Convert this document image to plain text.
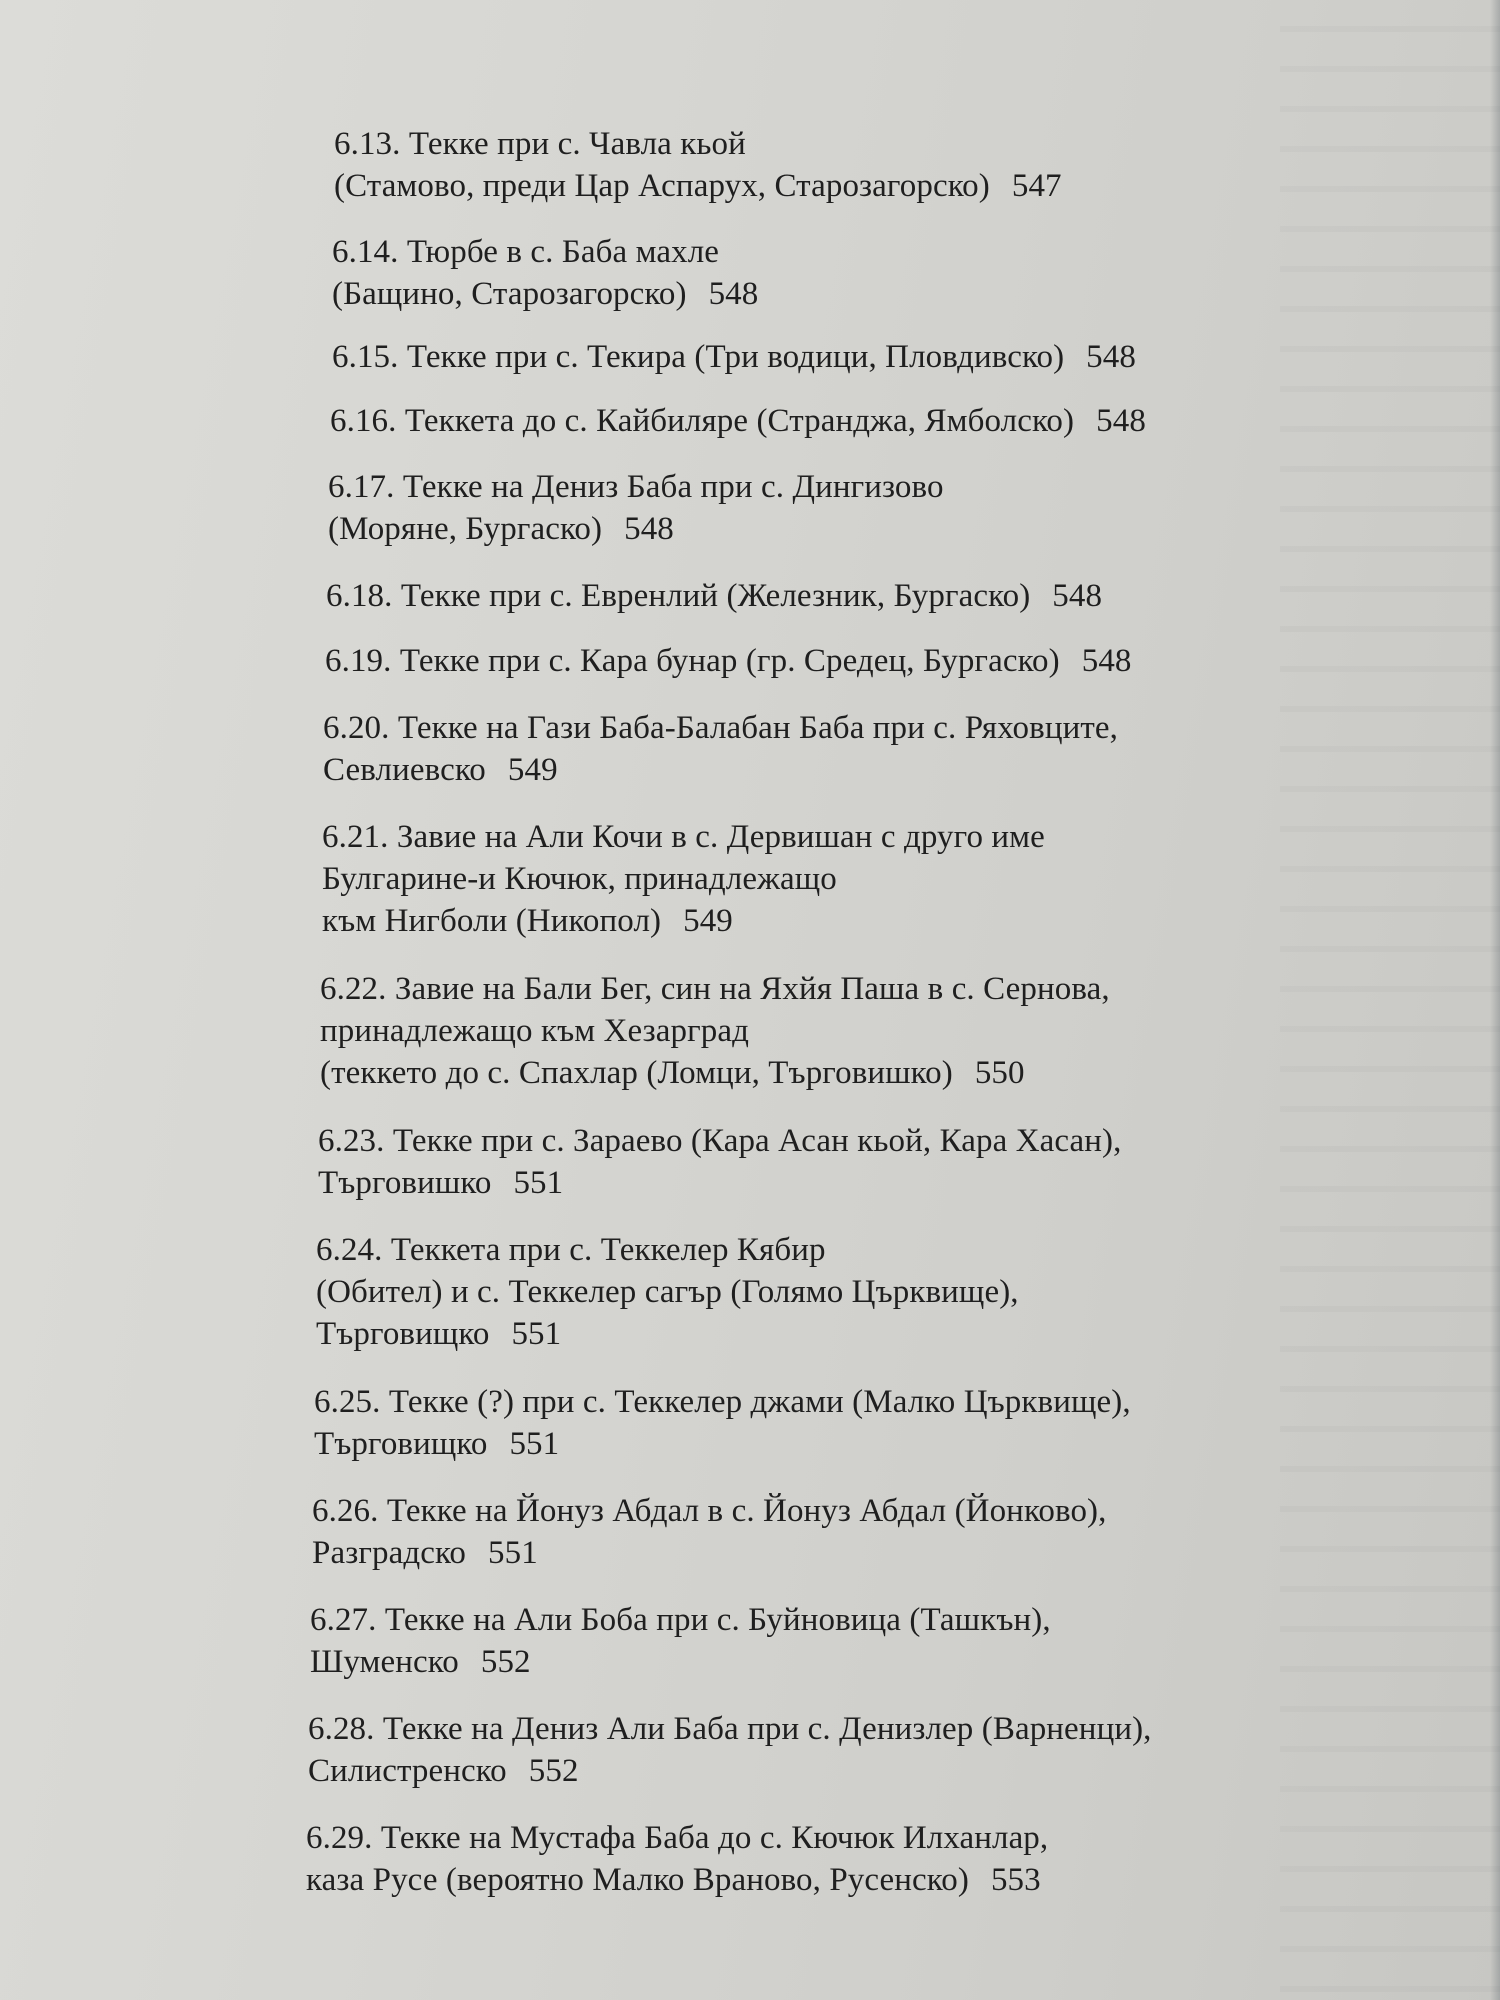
6.13. Текке при с. Чавла кьой
(Стамово, преди Цар Аспарух, Старозагорско) 547
6.14. Тюрбе в с. Баба махле
(Бащино, Старозагорско) 548
6.15. Текке при с. Текира (Три водици, Пловдивско) 548
6.16. Теккета до с. Кайбиляре (Странджа, Ямболско) 548
6.17. Текке на Дениз Баба при с. Дингизово
(Моряне, Бургаско) 548
6.18. Текке при с. Евренлий (Железник, Бургаско) 548
6.19. Текке при с. Кара бунар (гр. Средец, Бургаско) 548
6.20. Текке на Гази Баба-Балабан Баба при с. Ряховците,
Севлиевско 549
6.21. Завие на Али Кочи в с. Дервишан с друго име
Булгарине-и Кючюк, принадлежащо
към Нигболи (Никопол) 549
6.22. Завие на Бали Бег, син на Яхйя Паша в с. Сернова,
принадлежащо към Хезарград
(теккето до с. Спахлар (Ломци, Търговишко) 550
6.23. Текке при с. Зараево (Кара Асан кьой, Кара Хасан),
Търговишко 551
6.24. Теккета при с. Теккелер Кябир
(Обител) и с. Теккелер сагър (Голямо Църквище),
Търговищко 551
6.25. Текке (?) при с. Теккелер джами (Малко Църквище),
Търговищко 551
6.26. Текке на Йонуз Абдал в с. Йонуз Абдал (Йонково),
Разградско 551
6.27. Текке на Али Боба при с. Буйновица (Ташкън),
Шуменско 552
6.28. Текке на Дениз Али Баба при с. Денизлер (Варненци),
Силистренско 552
6.29. Текке на Мустафа Баба до с. Кючюк Илханлар,
каза Русе (вероятно Малко Враново, Русенско) 553
